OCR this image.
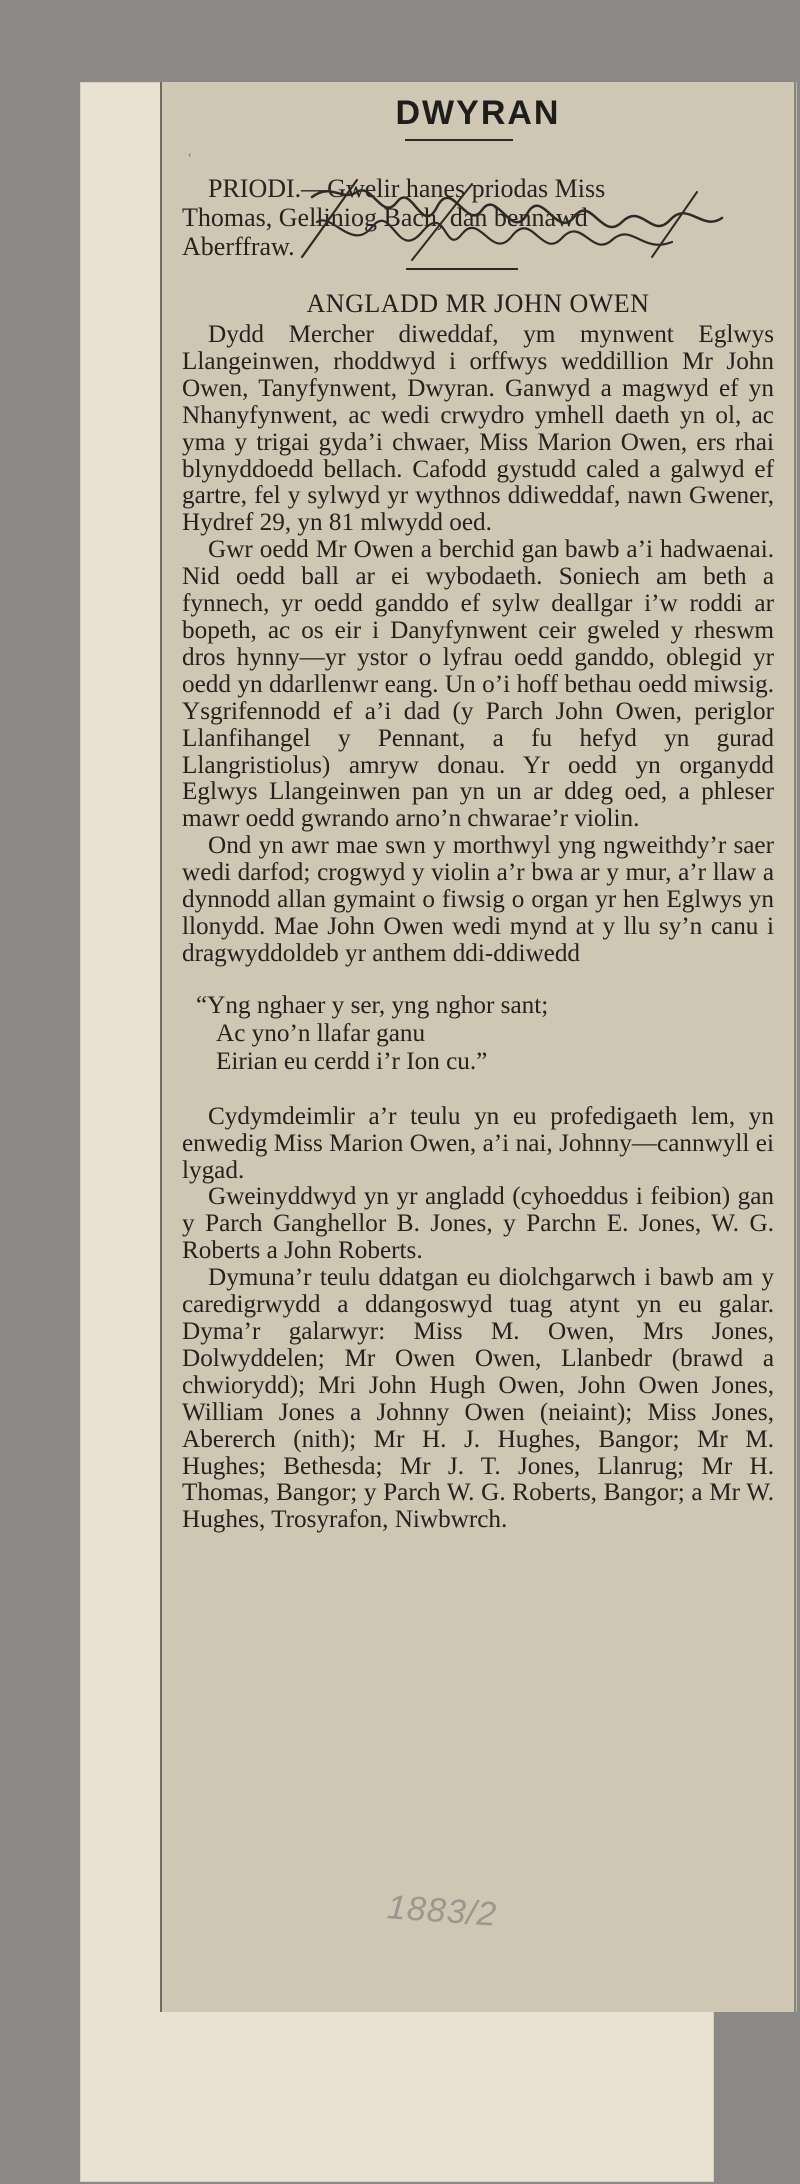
ʿ
DWYRAN

PRIODI.—Gwelir hanes priodas Miss

Thomas, Gelliniog Bach, dan bennawd

Aberffraw.

ANGLADD MR JOHN OWEN

Dydd Mercher diweddaf, ym mynwent Eglwys Llangeinwen, rhoddwyd i orffwys weddillion Mr John Owen, Tanyfynwent, Dwyran. Ganwyd a magwyd ef yn Nhanyfynwent, ac wedi crwydro ymhell daeth yn ol, ac yma y trigai gyda’i chwaer, Miss Marion Owen, ers rhai blynyddoedd bellach. Cafodd gystudd caled a galwyd ef gartre, fel y sylwyd yr wythnos ddiweddaf, nawn Gwener, Hydref 29, yn 81 mlwydd oed.

Gwr oedd Mr Owen a berchid gan bawb a’i hadwaenai. Nid oedd ball ar ei wybodaeth. Soniech am beth a fynnech, yr oedd ganddo ef sylw deallgar i’w roddi ar bopeth, ac os eir i Danyfynwent ceir gweled y rheswm dros hynny—yr ystor o lyfrau oedd ganddo, oblegid yr oedd yn ddarllenwr eang. Un o’i hoff bethau oedd miwsig. Ysgrifennodd ef a’i dad (y Parch John Owen, periglor Llanfihangel y Pennant, a fu hefyd yn gurad Llangristiolus) amryw donau. Yr oedd yn organydd Eglwys Llangeinwen pan yn un ar ddeg oed, a phleser mawr oedd gwrando arno’n chwarae’r violin.

Ond yn awr mae swn y morthwyl yng ngweithdy’r saer wedi darfod; crogwyd y violin a’r bwa ar y mur, a’r llaw a dynnodd allan gymaint o fiwsig o organ yr hen Eglwys yn llonydd. Mae John Owen wedi mynd at y llu sy’n canu i dragwyddoldeb yr anthem ddi-ddiwedd

“Yng nghaer y ser, yng nghor sant;
Ac yno’n llafar ganu
Eirian eu cerdd i’r Ion cu.”

Cydymdeimlir a’r teulu yn eu profedigaeth lem, yn enwedig Miss Marion Owen, a’i nai, Johnny—cannwyll ei lygad.

Gweinyddwyd yn yr angladd (cyhoeddus i feibion) gan y Parch Ganghellor B. Jones, y Parchn E. Jones, W. G. Roberts a John Roberts.

Dymuna’r teulu ddatgan eu diolchgarwch i bawb am y caredigrwydd a ddangoswyd tuag atynt yn eu galar. Dyma’r galarwyr: Miss M. Owen, Mrs Jones, Dolwyddelen; Mr Owen Owen, Llanbedr (brawd a chwiorydd); Mri John Hugh Owen, John Owen Jones, William Jones a Johnny Owen (neiaint); Miss Jones, Abererch (nith); Mr H. J. Hughes, Bangor; Mr M. Hughes; Bethesda; Mr J. T. Jones, Llanrug; Mr H. Thomas, Bangor; y Parch W. G. Roberts, Bangor; a Mr W. Hughes, Trosyrafon, Niwbwrch.

1883/2
